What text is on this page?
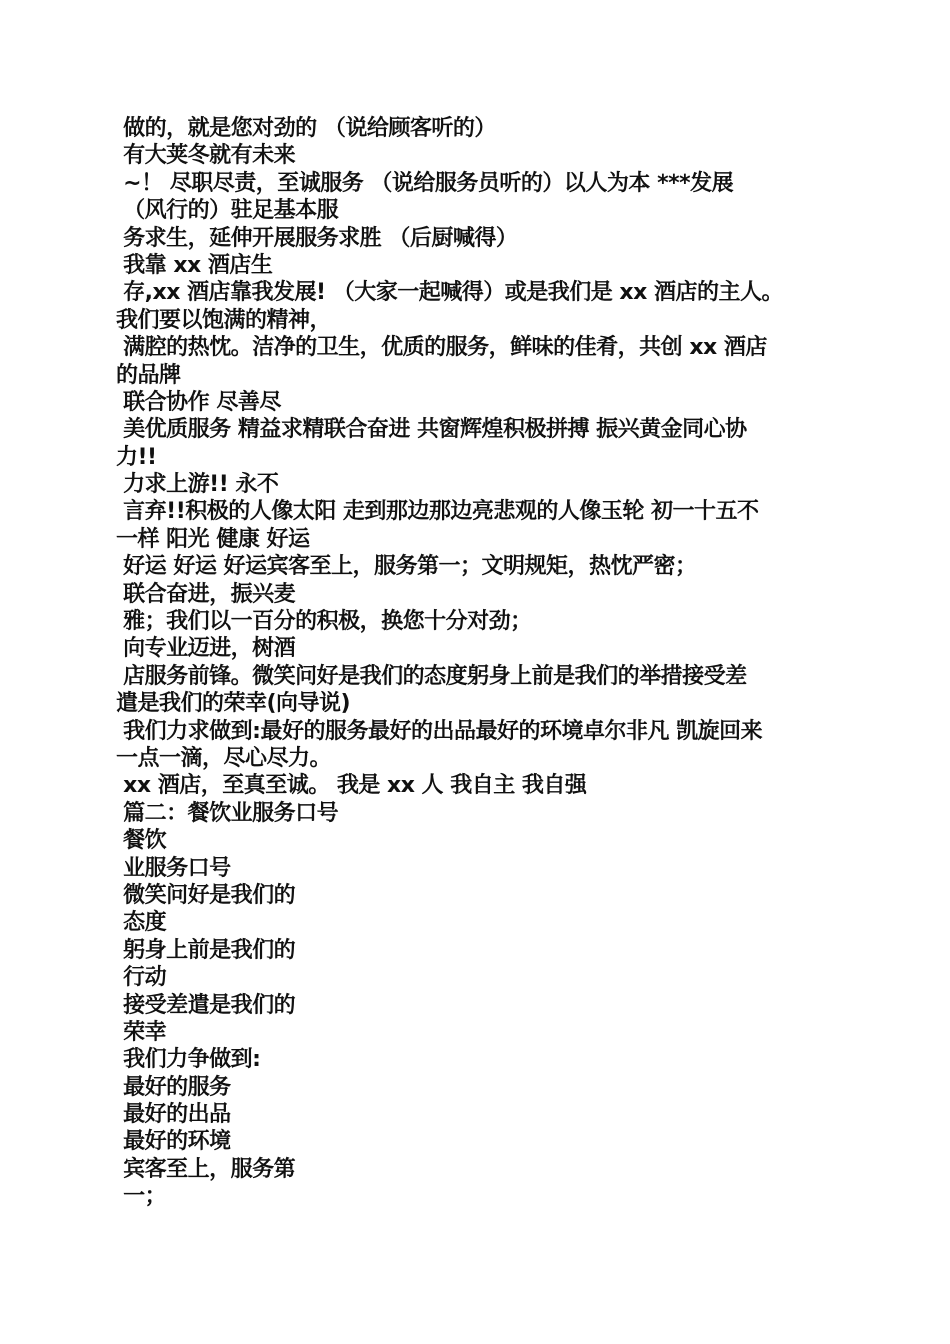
做的，就是您对劲的 （说给顾客听的）
有大荚冬就有未来
~！ 尽职尽责，至诚服务 （说给服务员听的）以人为本 ***发展
（风行的）驻足基本服
务求生，延伸开展服务求胜 （后厨喊得）
我靠 xx 酒店生
存,xx 酒店靠我发展! （大家一起喊得）或是我们是 xx 酒店的主人。
我们要以饱满的精神，
满腔的热忱。洁净的卫生，优质的服务，鲜味的佳肴，共创 xx 酒店
的品牌
联合协作 尽善尽
美优质服务 精益求精联合奋进 共窗辉煌积极拼搏 振兴黄金同心协
力!!
力求上游!! 永不
言弃!!积极的人像太阳 走到那边那边亮悲观的人像玉轮 初一十五不
一样 阳光 健康 好运
好运 好运 好运宾客至上，服务第一；文明规矩，热忱严密；
联合奋进，振兴麦
雅；我们以一百分的积极，换您十分对劲；
向专业迈进，树酒
店服务前锋。微笑问好是我们的态度躬身上前是我们的举措接受差
遣是我们的荣幸(向导说)
我们力求做到:最好的服务最好的出品最好的环境卓尔非凡 凯旋回来
一点一滴，尽心尽力。
xx 酒店，至真至诚。 我是 xx 人 我自主 我自强
篇二：餐饮业服务口号
餐饮
业服务口号
微笑问好是我们的
态度
躬身上前是我们的
行动
接受差遣是我们的
荣幸
我们力争做到:
最好的服务
最好的出品
最好的环境
宾客至上，服务第
一；
